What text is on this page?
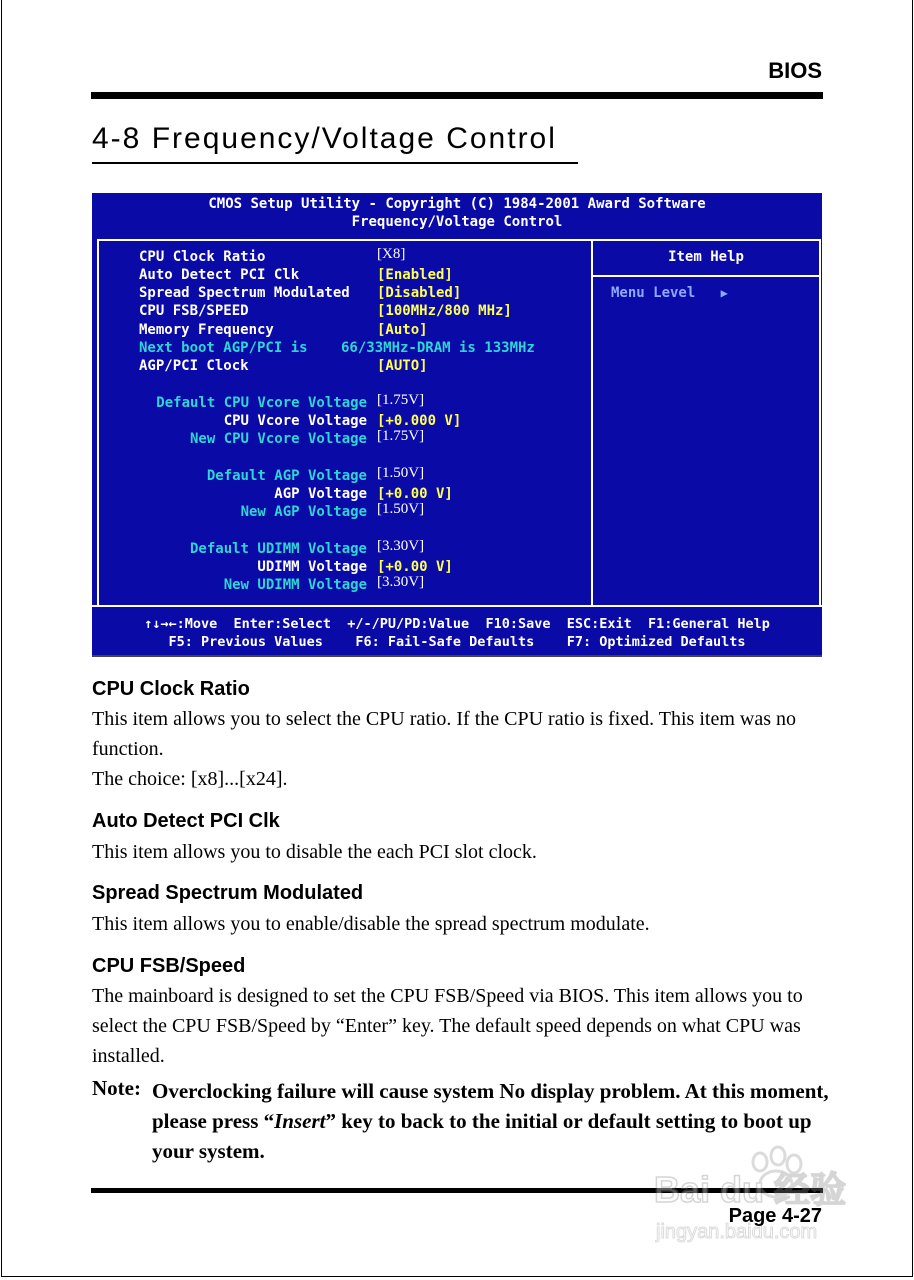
BIOS
4-8 Frequency/Voltage Control
CMOS Setup Utility - Copyright (C) 1984-2001 Award Software
Frequency/Voltage Control
Item Help
Menu Level ▶
CPU Clock Ratio	[X8]
Auto Detect PCI Clk	[Enabled]
Spread Spectrum Modulated [Disabled]
CPU FSB/SPEED	[100MHz/800 MHz]
Memory Frequency	[Auto]
Next boot AGP/PCI is 66/33MHz-DRAM is 133MHz
AGP/PCI Clock	[AUTO]
Default CPU Vcore Voltage [1.75V]
CPU Vcore Voltage [+0.000 V]
New CPU Vcore Voltage [1.75V]
Default AGP Voltage [1.50V]
AGP Voltage [+0.00 V]
New AGP Voltage [1.50V]
Default UDIMM Voltage [3.30V]
UDIMM Voltage [+0.00 V]
New UDIMM Voltage [3.30V]
↑↓→←:Move  Enter:Select  +/-/PU/PD:Value  F10:Save  ESC:Exit  F1:General Help
F5: Previous Values    F6: Fail-Safe Defaults    F7: Optimized Defaults
CPU Clock Ratio
This item allows you to select the CPU ratio. If the CPU ratio is fixed. This item was no function.
The choice: [x8]...[x24].
Auto Detect PCI Clk
This item allows you to disable the each PCI slot clock.
Spread Spectrum Modulated
This item allows you to enable/disable the spread spectrum modulate.
CPU FSB/Speed
The mainboard is designed to set the CPU FSB/Speed via BIOS. This item allows you to select the CPU FSB/Speed by “Enter” key. The default speed depends on what CPU was installed.
Note: Overclocking failure will cause system No display problem. At this moment, please press “Insert” key to back to the initial or default setting to boot up your system.
Bai du 经验
jingyan.baidu.com
Page 4-27
